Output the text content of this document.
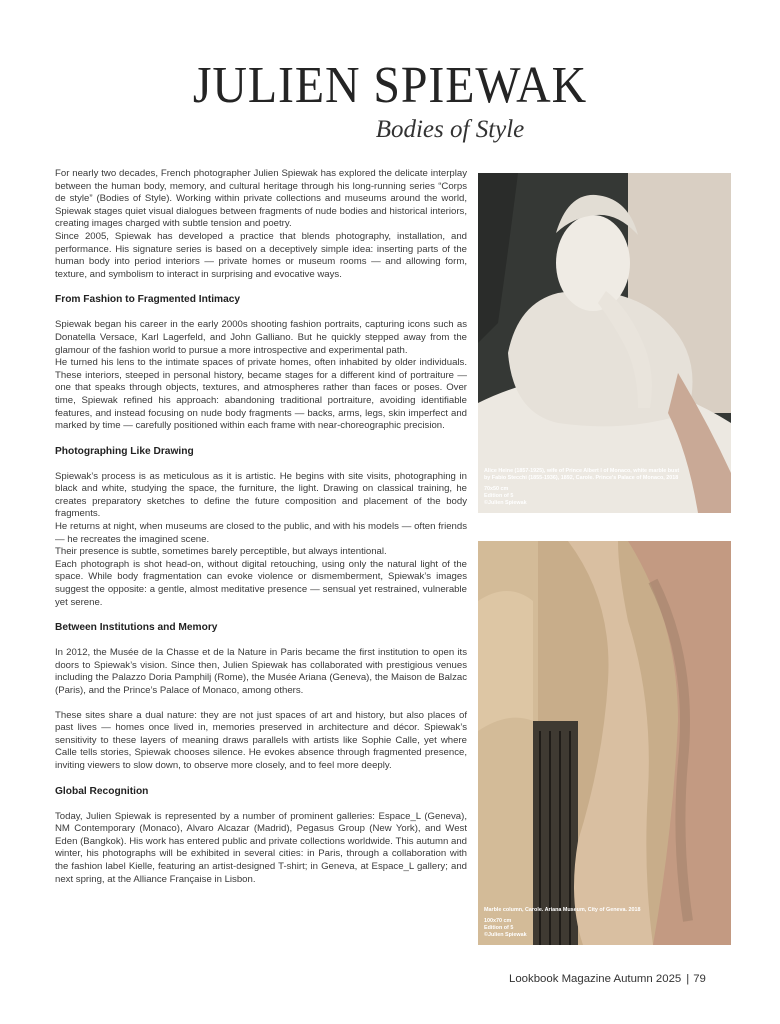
JULIEN SPIEWAK
Bodies of Style

For nearly two decades, French photographer Julien Spiewak has explored the delicate interplay between the human body, memory, and cultural heritage through his long-running series “Corps de style” (Bodies of Style). Working within private collections and museums around the world, Spiewak stages quiet visual dialogues between fragments of nude bodies and historical interiors, creating images charged with subtle tension and poetry.

Since 2005, Spiewak has developed a practice that blends photography, installation, and performance. His signature series is based on a deceptively simple idea: inserting parts of the human body into period interiors — private homes or museum rooms — and allowing form, texture, and symbolism to interact in surprising and evocative ways.

From Fashion to Fragmented Intimacy

Spiewak began his career in the early 2000s shooting fashion portraits, capturing icons such as Donatella Versace, Karl Lagerfeld, and John Galliano. But he quickly stepped away from the glamour of the fashion world to pursue a more introspective and experimental path.

He turned his lens to the intimate spaces of private homes, often inhabited by older individuals. These interiors, steeped in personal history, became stages for a different kind of portraiture — one that speaks through objects, textures, and atmospheres rather than faces or poses. Over time, Spiewak refined his approach: abandoning traditional portraiture, avoiding identifiable features, and instead focusing on nude body fragments — backs, arms, legs, skin imperfect and marked by time — carefully positioned within each frame with near-choreographic precision.

Photographing Like Drawing

Spiewak’s process is as meticulous as it is artistic. He begins with site visits, photographing in black and white, studying the space, the furniture, the light. Drawing on classical training, he creates preparatory sketches to define the future composition and placement of the body fragments.

He returns at night, when museums are closed to the public, and with his models — often friends — he recreates the imagined scene.

Their presence is subtle, sometimes barely perceptible, but always intentional.

Each photograph is shot head-on, without digital retouching, using only the natural light of the space. While body fragmentation can evoke violence or dismemberment, Spiewak’s images suggest the opposite: a gentle, almost meditative presence — sensual yet restrained, vulnerable yet serene.

Between Institutions and Memory

In 2012, the Musée de la Chasse et de la Nature in Paris became the first institution to open its doors to Spiewak’s vision. Since then, Julien Spiewak has collaborated with prestigious venues including the Palazzo Doria Pamphilj (Rome), the Musée Ariana (Geneva), the Maison de Balzac (Paris), and the Prince’s Palace of Monaco, among others.

These sites share a dual nature: they are not just spaces of art and history, but also places of past lives — homes once lived in, memories preserved in architecture and décor. Spiewak’s sensitivity to these layers of meaning draws parallels with artists like Sophie Calle, yet where Calle tells stories, Spiewak chooses silence. He evokes absence through fragmented presence, inviting viewers to slow down, to observe more closely, and to feel more deeply.

Global Recognition

Today, Julien Spiewak is represented by a number of prominent galleries: Espace_L (Geneva), NM Contemporary (Monaco), Alvaro Alcazar (Madrid), Pegasus Group (New York), and West Eden (Bangkok). His work has entered public and private collections worldwide. This autumn and winter, his photographs will be exhibited in several cities: in Paris, through a collaboration with the fashion label Kielle, featuring an artist-designed T-shirt; in Geneva, at Espace_L gallery; and next spring, at the Alliance Française in Lisbon.

Alice Heine (1857-1925), wife of Prince Albert I of Monaco, white marble bust by Fabio Stecchi (1855-1936), 1892, Carole. Prince's Palace of Monaco, 2018
70x50 cm
Edition of 5
©Julien Spiewak
Marble column, Carole. Ariana Museum, City of Geneva. 2018
100x70 cm
Edition of 5
©Julien Spiewak
Lookbook Magazine Autumn 2025 | 79
